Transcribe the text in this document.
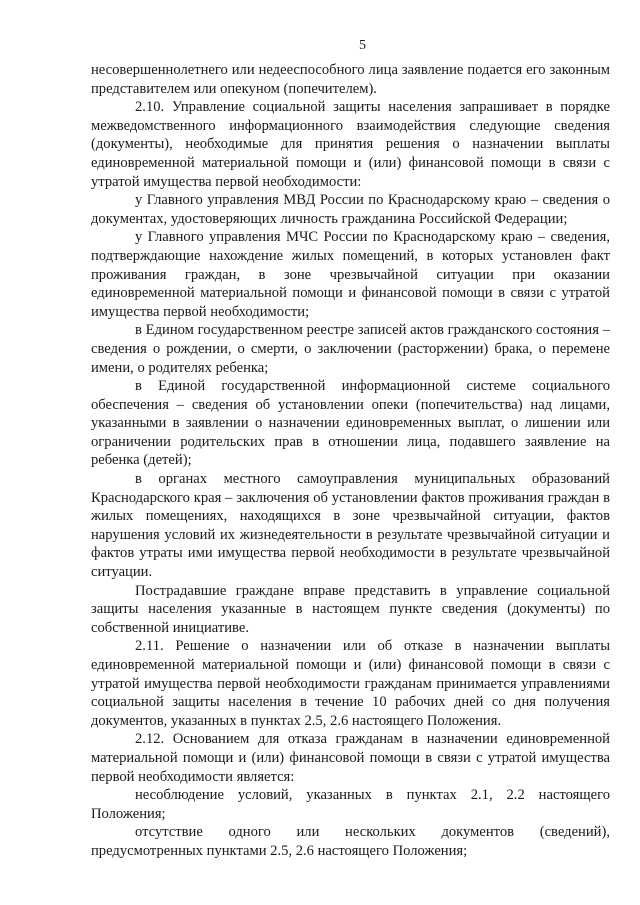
5

несовершеннолетнего или недееспособного лица заявление подается его законным представителем или опекуном (попечителем).

2.10. Управление социальной защиты населения запрашивает в порядке межведомственного информационного взаимодействия следующие сведения (документы), необходимые для принятия решения о назначении выплаты единовременной материальной помощи и (или) финансовой помощи в связи с утратой имущества первой необходимости:

у Главного управления МВД России по Краснодарскому краю – сведения о документах, удостоверяющих личность гражданина Российской Федерации;

у Главного управления МЧС России по Краснодарскому краю – сведения, подтверждающие нахождение жилых помещений, в которых установлен факт проживания граждан, в зоне чрезвычайной ситуации при оказании единовременной материальной помощи и финансовой помощи в связи с утратой имущества первой необходимости;

в Едином государственном реестре записей актов гражданского состояния – сведения о рождении, о смерти, о заключении (расторжении) брака, о перемене имени, о родителях ребенка;

в Единой государственной информационной системе социального обеспечения – сведения об установлении опеки (попечительства) над лицами, указанными в заявлении о назначении единовременных выплат, о лишении или ограничении родительских прав в отношении лица, подавшего заявление на ребенка (детей);

в органах местного самоуправления муниципальных образований Краснодарского края – заключения об установлении фактов проживания граждан в жилых помещениях, находящихся в зоне чрезвычайной ситуации, фактов нарушения условий их жизнедеятельности в результате чрезвычайной ситуации и фактов утраты ими имущества первой необходимости в результате чрезвычайной ситуации.

Пострадавшие граждане вправе представить в управление социальной защиты населения указанные в настоящем пункте сведения (документы) по собственной инициативе.

2.11. Решение о назначении или об отказе в назначении выплаты единовременной материальной помощи и (или) финансовой помощи в связи с утратой имущества первой необходимости гражданам принимается управлениями социальной защиты населения в течение 10 рабочих дней со дня получения документов, указанных в пунктах 2.5, 2.6 настоящего Положения.

2.12. Основанием для отказа гражданам в назначении единовременной материальной помощи и (или) финансовой помощи в связи с утратой имущества первой необходимости является:

несоблюдение условий, указанных в пунктах 2.1, 2.2 настоящего Положения;

отсутствие одного или нескольких документов (сведений), предусмотренных пунктами 2.5, 2.6 настоящего Положения;
